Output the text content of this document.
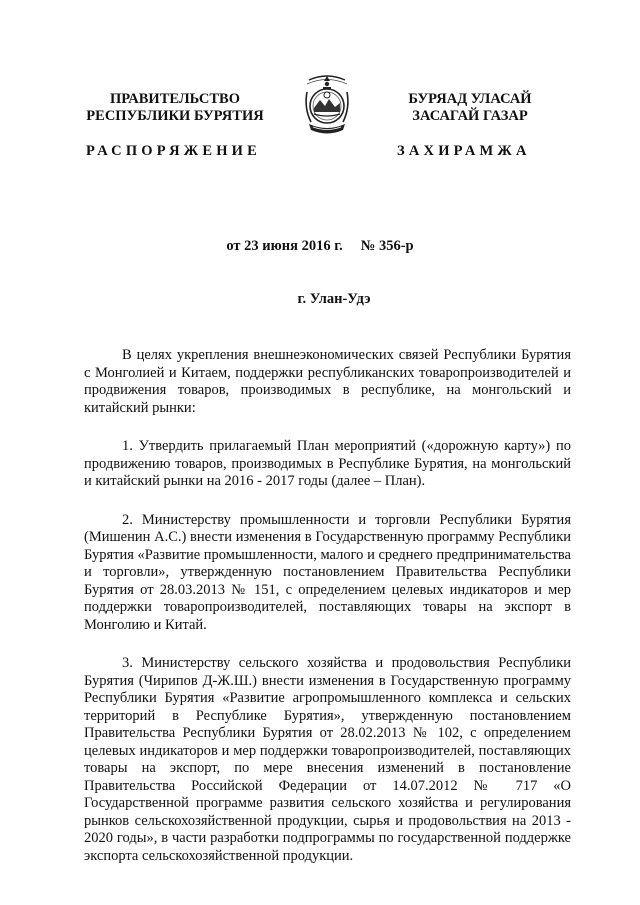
ПРАВИТЕЛЬСТВО
РЕСПУБЛИКИ БУРЯТИЯ
БУРЯАД УЛАСАЙ
ЗАСАГАЙ ГАЗАР
РАСПОРЯЖЕНИЕ	ЗАХИРАМЖА
от 23 июня 2016 г. № 356-р
г. Улан-Удэ

В целях укрепления внешнеэкономических связей Республики Бурятия с Монголией и Китаем, поддержки республиканских товаропроизводителей и продвижения товаров, производимых в республике, на монгольский и китайский рынки:

1. Утвердить прилагаемый План мероприятий («дорожную карту») по продвижению товаров, производимых в Республике Бурятия, на монгольский и китайский рынки на 2016 - 2017 годы (далее – План).

2. Министерству промышленности и торговли Республики Бурятия (Мишенин А.С.) внести изменения в Государственную программу Республики Бурятия «Развитие промышленности, малого и среднего предпринимательства и торговли», утвержденную постановлением Правительства Республики Бурятия от 28.03.2013 № 151, с определением целевых индикаторов и мер поддержки товаропроизводителей, поставляющих товары на экспорт в Монголию и Китай.

3. Министерству сельского хозяйства и продовольствия Республики Бурятия (Чирипов Д-Ж.Ш.) внести изменения в Государственную программу Республики Бурятия «Развитие агропромышленного комплекса и сельских территорий в Республике Бурятия», утвержденную постановлением Правительства Республики Бурятия от 28.02.2013 № 102, с определением целевых индикаторов и мер поддержки товаропроизводителей, поставляющих товары на экспорт, по мере внесения изменений в постановление Правительства Российской Федерации от 14.07.2012 № 717 «О Государственной программе развития сельского хозяйства и регулирования рынков сельскохозяйственной продукции, сырья и продовольствия на 2013 - 2020 годы», в части разработки подпрограммы по государственной поддержке экспорта сельскохозяйственной продукции.
